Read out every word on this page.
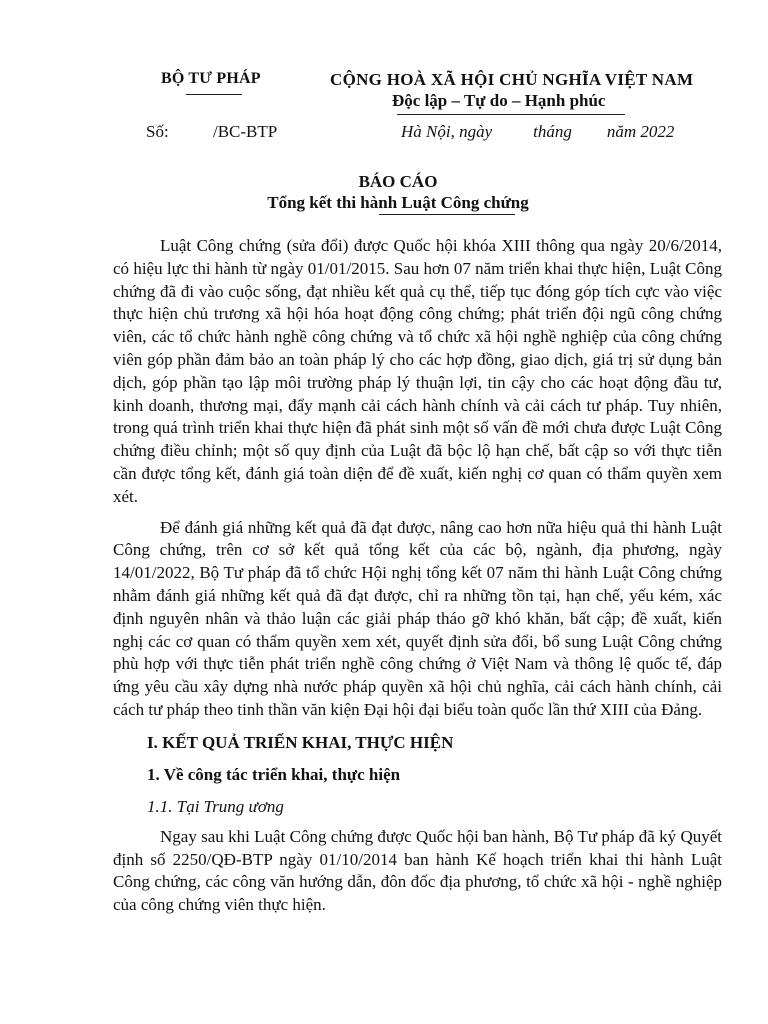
BỘ TƯ PHÁP	CỘNG HOÀ XÃ HỘI CHỦ NGHĨA VIỆT NAM
Độc lập – Tự do – Hạnh phúc
Số:	/BC-BTP	Hà Nội, ngày tháng năm 2022
BÁO CÁO
Tổng kết thi hành Luật Công chứng

Luật Công chứng (sửa đổi) được Quốc hội khóa XIII thông qua ngày 20/6/2014, có hiệu lực thi hành từ ngày 01/01/2015. Sau hơn 07 năm triển khai thực hiện, Luật Công chứng đã đi vào cuộc sống, đạt nhiều kết quả cụ thể, tiếp tục đóng góp tích cực vào việc thực hiện chủ trương xã hội hóa hoạt động công chứng; phát triển đội ngũ công chứng viên, các tổ chức hành nghề công chứng và tổ chức xã hội nghề nghiệp của công chứng viên góp phần đảm bảo an toàn pháp lý cho các hợp đồng, giao dịch, giá trị sử dụng bản dịch, góp phần tạo lập môi trường pháp lý thuận lợi, tin cậy cho các hoạt động đầu tư, kinh doanh, thương mại, đẩy mạnh cải cách hành chính và cải cách tư pháp. Tuy nhiên, trong quá trình triển khai thực hiện đã phát sinh một số vấn đề mới chưa được Luật Công chứng điều chỉnh; một số quy định của Luật đã bộc lộ hạn chế, bất cập so với thực tiễn cần được tổng kết, đánh giá toàn diện để đề xuất, kiến nghị cơ quan có thẩm quyền xem xét.

Để đánh giá những kết quả đã đạt được, nâng cao hơn nữa hiệu quả thi hành Luật Công chứng, trên cơ sở kết quả tổng kết của các bộ, ngành, địa phương, ngày 14/01/2022, Bộ Tư pháp đã tổ chức Hội nghị tổng kết 07 năm thi hành Luật Công chứng nhằm đánh giá những kết quả đã đạt được, chỉ ra những tồn tại, hạn chế, yếu kém, xác định nguyên nhân và thảo luận các giải pháp tháo gỡ khó khăn, bất cập; đề xuất, kiến nghị các cơ quan có thẩm quyền xem xét, quyết định sửa đổi, bổ sung Luật Công chứng phù hợp với thực tiễn phát triển nghề công chứng ở Việt Nam và thông lệ quốc tế, đáp ứng yêu cầu xây dựng nhà nước pháp quyền xã hội chủ nghĩa, cải cách hành chính, cải cách tư pháp theo tinh thần văn kiện Đại hội đại biểu toàn quốc lần thứ XIII của Đảng.

I. KẾT QUẢ TRIỂN KHAI, THỰC HIỆN
1. Về công tác triển khai, thực hiện
1.1. Tại Trung ương

Ngay sau khi Luật Công chứng được Quốc hội ban hành, Bộ Tư pháp đã ký Quyết định số 2250/QĐ-BTP ngày 01/10/2014 ban hành Kế hoạch triển khai thi hành Luật Công chứng, các công văn hướng dẫn, đôn đốc địa phương, tổ chức xã hội - nghề nghiệp của công chứng viên thực hiện.
